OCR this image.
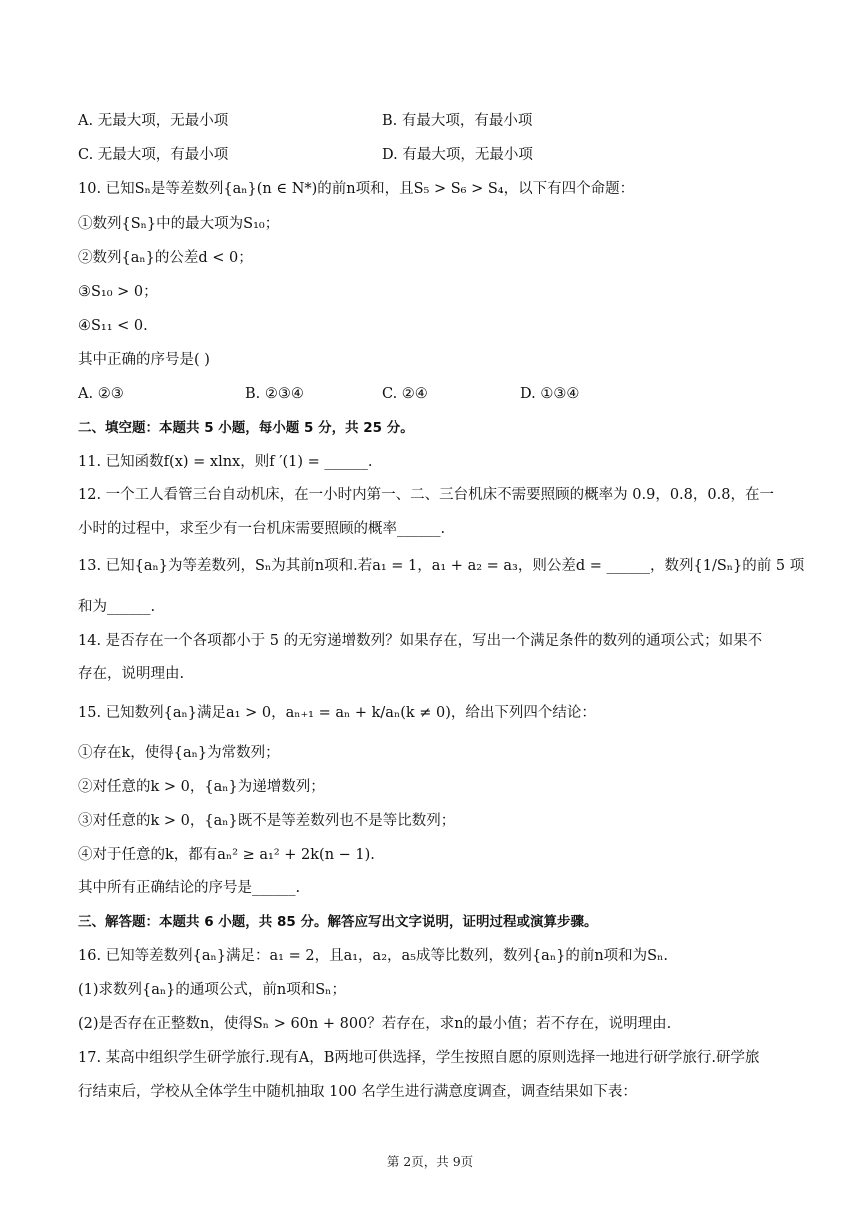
A. 无最大项，无最小项	B. 有最大项，有最小项
C. 无最大项，有最小项	D. 有最大项，无最小项
10. 已知Sₙ是等差数列{aₙ}(n ∈ N*)的前n项和，且S₅ > S₆ > S₄，以下有四个命题：
①数列{Sₙ}中的最大项为S₁₀；
②数列{aₙ}的公差d < 0；
③S₁₀ > 0；
④S₁₁ < 0.
其中正确的序号是( )
A. ②③	B. ②③④	C. ②④	D. ①③④
二、填空题：本题共 5 小题，每小题 5 分，共 25 分。
11. 已知函数f(x) = xlnx，则f ′(1) = ______.
12. 一个工人看管三台自动机床，在一小时内第一、二、三台机床不需要照顾的概率为 0.9，0.8，0.8，在一
小时的过程中，求至少有一台机床需要照顾的概率______.
13. 已知{aₙ}为等差数列，Sₙ为其前n项和.若a₁ = 1，a₁ + a₂ = a₃，则公差d = ______，数列{1/Sₙ}的前 5 项
和为______.
14. 是否存在一个各项都小于 5 的无穷递增数列？如果存在，写出一个满足条件的数列的通项公式；如果不
存在，说明理由.
15. 已知数列{aₙ}满足a₁ > 0，aₙ₊₁ = aₙ + k/aₙ(k ≠ 0)，给出下列四个结论：
①存在k，使得{aₙ}为常数列；
②对任意的k > 0，{aₙ}为递增数列；
③对任意的k > 0，{aₙ}既不是等差数列也不是等比数列；
④对于任意的k，都有aₙ² ≥ a₁² + 2k(n − 1).
其中所有正确结论的序号是______.
三、解答题：本题共 6 小题，共 85 分。解答应写出文字说明，证明过程或演算步骤。
16. 已知等差数列{aₙ}满足：a₁ = 2，且a₁，a₂，a₅成等比数列，数列{aₙ}的前n项和为Sₙ.
(1)求数列{aₙ}的通项公式，前n项和Sₙ；
(2)是否存在正整数n，使得Sₙ > 60n + 800？若存在，求n的最小值；若不存在，说明理由.
17. 某高中组织学生研学旅行.现有A，B两地可供选择，学生按照自愿的原则选择一地进行研学旅行.研学旅
行结束后，学校从全体学生中随机抽取 100 名学生进行满意度调查，调查结果如下表：
第 2页，共 9页
